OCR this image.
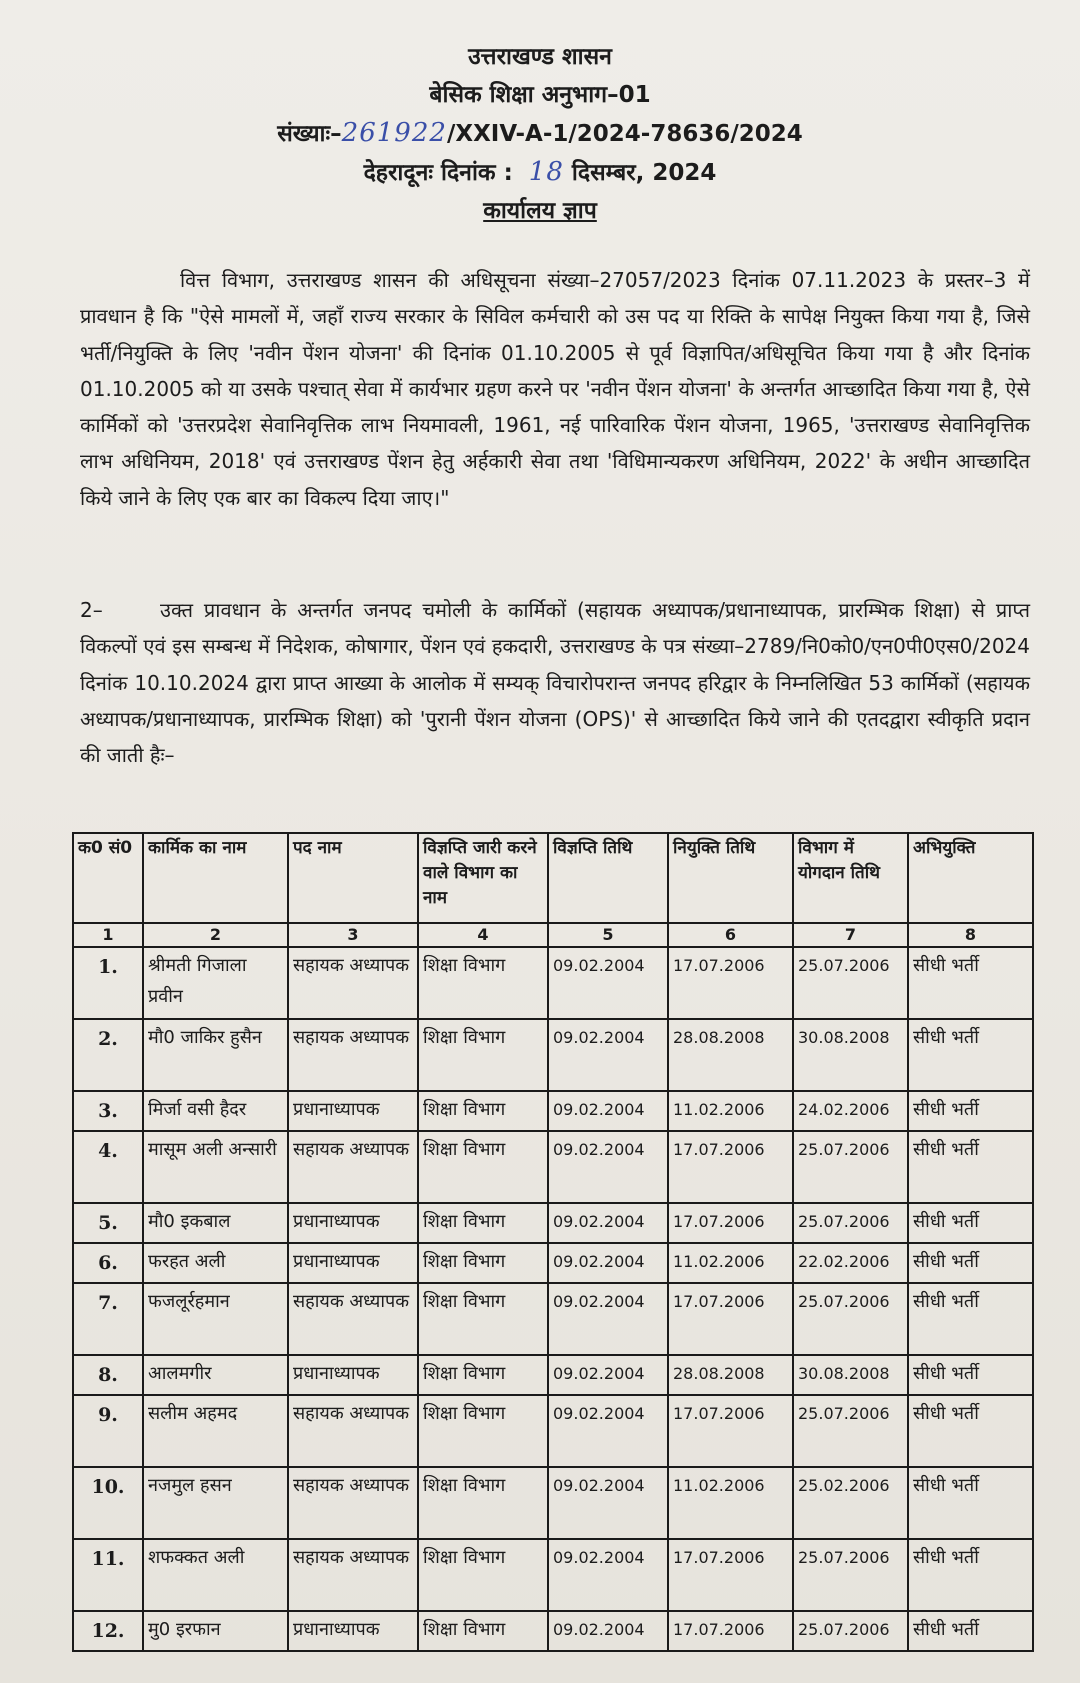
उत्तराखण्ड शासन
बेसिक शिक्षा अनुभाग–01
संख्याः–261922/XXIV-A-1/2024-78636/2024
देहरादूनः दिनांक : 18 दिसम्बर, 2024
कार्यालय ज्ञाप
वित्त विभाग, उत्तराखण्ड शासन की अधिसूचना संख्या–27057/2023 दिनांक 07.11.2023 के प्रस्तर–3 में प्रावधान है कि "ऐसे मामलों में, जहाँ राज्य सरकार के सिविल कर्मचारी को उस पद या रिक्ति के सापेक्ष नियुक्त किया गया है, जिसे भर्ती/नियुक्ति के लिए 'नवीन पेंशन योजना' की दिनांक 01.10.2005 से पूर्व विज्ञापित/अधिसूचित किया गया है और दिनांक 01.10.2005 को या उसके पश्चात् सेवा में कार्यभार ग्रहण करने पर 'नवीन पेंशन योजना' के अन्तर्गत आच्छादित किया गया है, ऐसे कार्मिकों को 'उत्तरप्रदेश सेवानिवृत्तिक लाभ नियमावली, 1961, नई पारिवारिक पेंशन योजना, 1965, 'उत्तराखण्ड सेवानिवृत्तिक लाभ अधिनियम, 2018' एवं उत्तराखण्ड पेंशन हेतु अर्हकारी सेवा तथा 'विधिमान्यकरण अधिनियम, 2022' के अधीन आच्छादित किये जाने के लिए एक बार का विकल्प दिया जाए।"
2–	उक्त प्रावधान के अन्तर्गत जनपद चमोली के कार्मिकों (सहायक अध्यापक/प्रधानाध्यापक, प्रारम्भिक शिक्षा) से प्राप्त विकल्पों एवं इस सम्बन्ध में निदेशक, कोषागार, पेंशन एवं हकदारी, उत्तराखण्ड के पत्र संख्या–2789/नि0को0/एन0पी0एस0/2024 दिनांक 10.10.2024 द्वारा प्राप्त आख्या के आलोक में सम्यक् विचारोपरान्त जनपद हरिद्वार के निम्नलिखित 53 कार्मिकों (सहायक अध्यापक/प्रधानाध्यापक, प्रारम्भिक शिक्षा) को 'पुरानी पेंशन योजना (OPS)' से आच्छादित किये जाने की एतदद्वारा स्वीकृति प्रदान की जाती हैः–
क0 सं0	कार्मिक का नाम	पद नाम	विज्ञप्ति जारी करने वाले विभाग का नाम	विज्ञप्ति तिथि	नियुक्ति तिथि	विभाग में योगदान तिथि	अभियुक्ति
1	2	3	4	5	6	7	8
1.	श्रीमती गिजाला प्रवीन	सहायक अध्यापक	शिक्षा विभाग	09.02.2004	17.07.2006	25.07.2006	सीधी भर्ती
2.	मौ0 जाकिर हुसैन	सहायक अध्यापक	शिक्षा विभाग	09.02.2004	28.08.2008	30.08.2008	सीधी भर्ती
3.	मिर्जा वसी हैदर	प्रधानाध्यापक	शिक्षा विभाग	09.02.2004	11.02.2006	24.02.2006	सीधी भर्ती
4.	मासूम अली अन्सारी	सहायक अध्यापक	शिक्षा विभाग	09.02.2004	17.07.2006	25.07.2006	सीधी भर्ती
5.	मौ0 इकबाल	प्रधानाध्यापक	शिक्षा विभाग	09.02.2004	17.07.2006	25.07.2006	सीधी भर्ती
6.	फरहत अली	प्रधानाध्यापक	शिक्षा विभाग	09.02.2004	11.02.2006	22.02.2006	सीधी भर्ती
7.	फजलूर्रहमान	सहायक अध्यापक	शिक्षा विभाग	09.02.2004	17.07.2006	25.07.2006	सीधी भर्ती
8.	आलमगीर	प्रधानाध्यापक	शिक्षा विभाग	09.02.2004	28.08.2008	30.08.2008	सीधी भर्ती
9.	सलीम अहमद	सहायक अध्यापक	शिक्षा विभाग	09.02.2004	17.07.2006	25.07.2006	सीधी भर्ती
10.	नजमुल हसन	सहायक अध्यापक	शिक्षा विभाग	09.02.2004	11.02.2006	25.02.2006	सीधी भर्ती
11.	शफक्कत अली	सहायक अध्यापक	शिक्षा विभाग	09.02.2004	17.07.2006	25.07.2006	सीधी भर्ती
12.	मु0 इरफान	प्रधानाध्यापक	शिक्षा विभाग	09.02.2004	17.07.2006	25.07.2006	सीधी भर्ती
